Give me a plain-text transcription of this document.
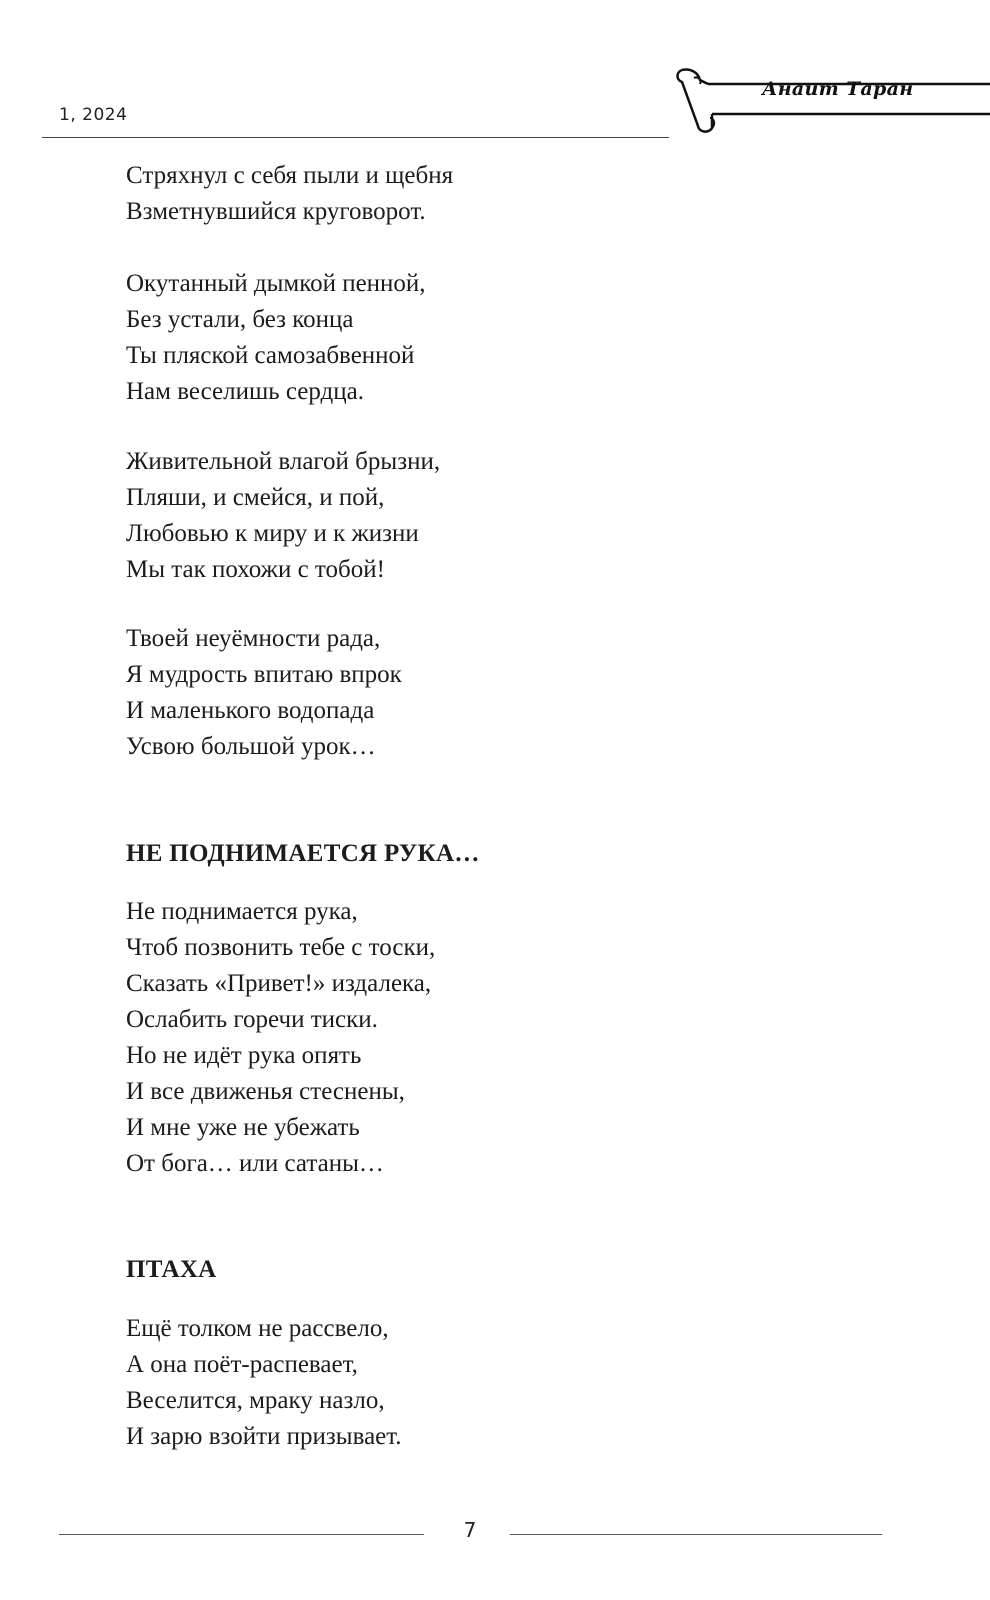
1, 2024
Анаит Таран
Стряхнул с себя пыли и щебня
Взметнувшийся круговорот.
Окутанный дымкой пенной,
Без устали, без конца
Ты пляской самозабвенной
Нам веселишь сердца.
Живительной влагой брызни,
Пляши, и смейся, и пой,
Любовью к миру и к жизни
Мы так похожи с тобой!
Твоей неуёмности рада,
Я мудрость впитаю впрок
И маленького водопада
Усвою большой урок…
НЕ ПОДНИМАЕТСЯ РУКА…
Не поднимается рука,
Чтоб позвонить тебе с тоски,
Сказать «Привет!» издалека,
Ослабить горечи тиски.
Но не идёт рука опять
И все движенья стеснены,
И мне уже не убежать
От бога… или сатаны…
ПТАХА
Ещё толком не рассвело,
А она поёт-распевает,
Веселится, мраку назло,
И зарю взойти призывает.
7
